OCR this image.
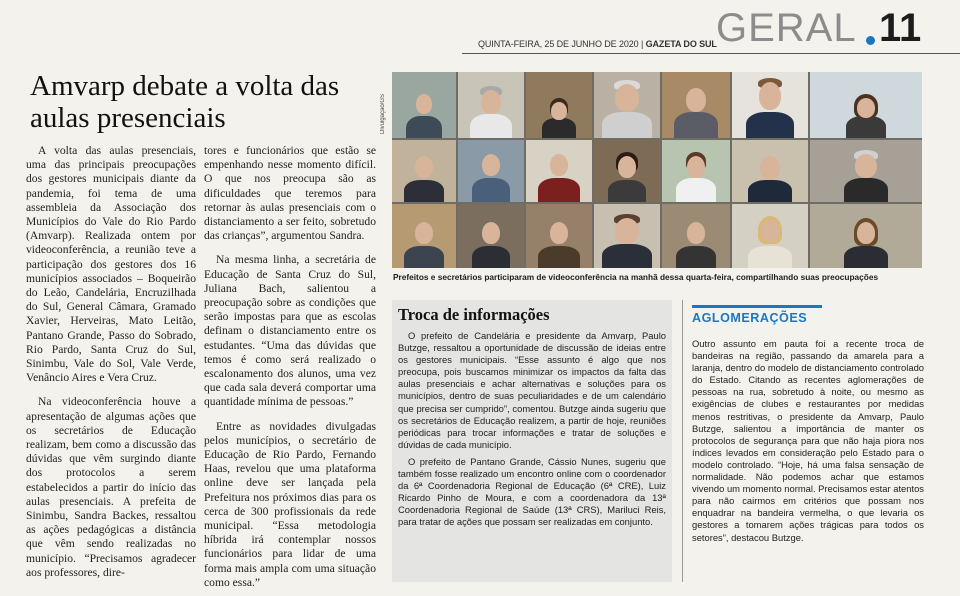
QUINTA-FEIRA, 25 DE JUNHO DE 2020 | GAZETA DO SUL GERAL 11
Amvarp debate a volta das aulas presenciais

A volta das aulas presenciais, uma das principais preocupações dos gestores municipais diante da pandemia, foi tema de uma assembleia da Associação dos Municípios do Vale do Rio Pardo (Amvarp). Realizada ontem por videoconferência, a reunião teve a participação dos gestores dos 16 municípios associados – Boqueirão do Leão, Candelária, Encruzilhada do Sul, General Câmara, Gramado Xavier, Herveiras, Mato Leitão, Pantano Grande, Passo do Sobrado, Rio Pardo, Santa Cruz do Sul, Sinimbu, Vale do Sol, Vale Verde, Venâncio Aires e Vera Cruz.

Na videoconferência houve a apresentação de algumas ações que os secretários de Educação realizam, bem como a discussão das dúvidas que vêm surgindo diante dos protocolos a serem estabelecidos a partir do início das aulas presenciais. A prefeita de Sinimbu, Sandra Backes, ressaltou as ações pedagógicas a distância que vêm sendo realizadas no município. “Precisamos agradecer aos professores, dire-

tores e funcionários que estão se empenhando nesse momento difícil. O que nos preocupa são as dificuldades que teremos para retornar às aulas presenciais com o distanciamento a ser feito, sobretudo das crianças”, argumentou Sandra.

Na mesma linha, a secretária de Educação de Santa Cruz do Sul, Juliana Bach, salientou a preocupação sobre as condições que serão impostas para que as escolas definam o distanciamento entre os estudantes. “Uma das dúvidas que temos é como será realizado o escalonamento dos alunos, uma vez que cada sala deverá comportar uma quantidade mínima de pessoas.”

Entre as novidades divulgadas pelos municípios, o secretário de Educação de Rio Pardo, Fernando Haas, revelou que uma plataforma online deve ser lançada pela Prefeitura nos próximos dias para os cerca de 300 profissionais da rede municipal. “Essa metodologia híbrida irá contemplar nossos funcionários para lidar de uma forma mais ampla com uma situação como essa.”

Divulgação/GS
Prefeitos e secretários participaram de videoconferência na manhã dessa quarta-feira, compartilhando suas preocupações
Troca de informações

O prefeito de Candelária e presidente da Amvarp, Paulo Butzge, ressaltou a oportunidade de discussão de ideias entre os gestores municipais. “Esse assunto é algo que nos preocupa, pois buscamos minimizar os impactos da falta das aulas presenciais e achar alternativas e soluções para os municípios, dentro de suas peculiaridades e de um calendário que precisa ser cumprido”, comentou. Butzge ainda sugeriu que os secretários de Educação realizem, a partir de hoje, reuniões periódicas para trocar informações e tratar de soluções e dúvidas de cada município.

O prefeito de Pantano Grande, Cássio Nunes, sugeriu que também fosse realizado um encontro online com o coordenador da 6ª Coordenadoria Regional de Educação (6ª CRE), Luiz Ricardo Pinho de Moura, e com a coordenadora da 13ª Coordenadoria Regional de Saúde (13ª CRS), Mariluci Reis, para tratar de ações que possam ser realizadas em conjunto.

AGLOMERAÇÕES
Outro assunto em pauta foi a recente troca de bandeiras na região, passando da amarela para a laranja, dentro do modelo de distanciamento controlado do Estado. Citando as recentes aglomerações de pessoas na rua, sobretudo à noite, ou mesmo as exigências de clubes e restaurantes por medidas menos restritivas, o presidente da Amvarp, Paulo Butzge, salientou a importância de manter os protocolos de segurança para que não haja piora nos índices levados em consideração pelo Estado para o modelo controlado. “Hoje, há uma falsa sensação de normalidade. Não podemos achar que estamos vivendo um momento normal. Precisamos estar atentos para não cairmos em critérios que possam nos enquadrar na bandeira vermelha, o que levaria os gestores a tomarem ações trágicas para todos os setores”, destacou Butzge.
